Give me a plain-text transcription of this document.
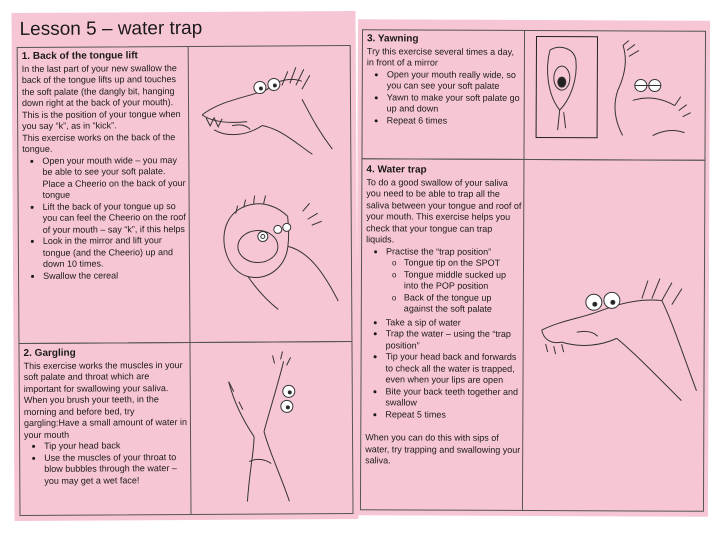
Lesson 5 – water trap
1. Back of the tongue lift
In the last part of your new swallow the back of the tongue lifts up and touches the soft palate (the dangly bit, hanging down right at the back of your mouth). This is the position of your tongue when you say “k”, as in “kick”.
This exercise works on the back of the tongue.
• Open your mouth wide – you may be able to see your soft palate. Place a Cheerio on the back of your tongue
• Lift the back of your tongue up so you can feel the Cheerio on the roof of your mouth – say “k”, if this helps
• Look in the mirror and lift your tongue (and the Cheerio) up and down 10 times.
• Swallow the cereal
2. Gargling
This exercise works the muscles in your soft palate and throat which are important for swallowing your saliva. When you brush your teeth, in the morning and before bed, try gargling:Have a small amount of water in your mouth
• Tip your head back
• Use the muscles of your throat to blow bubbles through the water – you may get a wet face!
3. Yawning
Try this exercise several times a day, in front of a mirror
• Open your mouth really wide, so you can see your soft palate
• Yawn to make your soft palate go up and down
• Repeat 6 times
4. Water trap
To do a good swallow of your saliva you need to be able to trap all the saliva between your tongue and roof of your mouth. This exercise helps you check that your tongue can trap liquids.
• Practise the “trap position”
o Tongue tip on the SPOT
o Tongue middle sucked up into the POP position
o Back of the tongue up against the soft palate
• Take a sip of water
• Trap the water – using the “trap position”
• Tip your head back and forwards to check all the water is trapped, even when your lips are open
• Bite your back teeth together and swallow
• Repeat 5 times
When you can do this with sips of water, try trapping and swallowing your saliva.
